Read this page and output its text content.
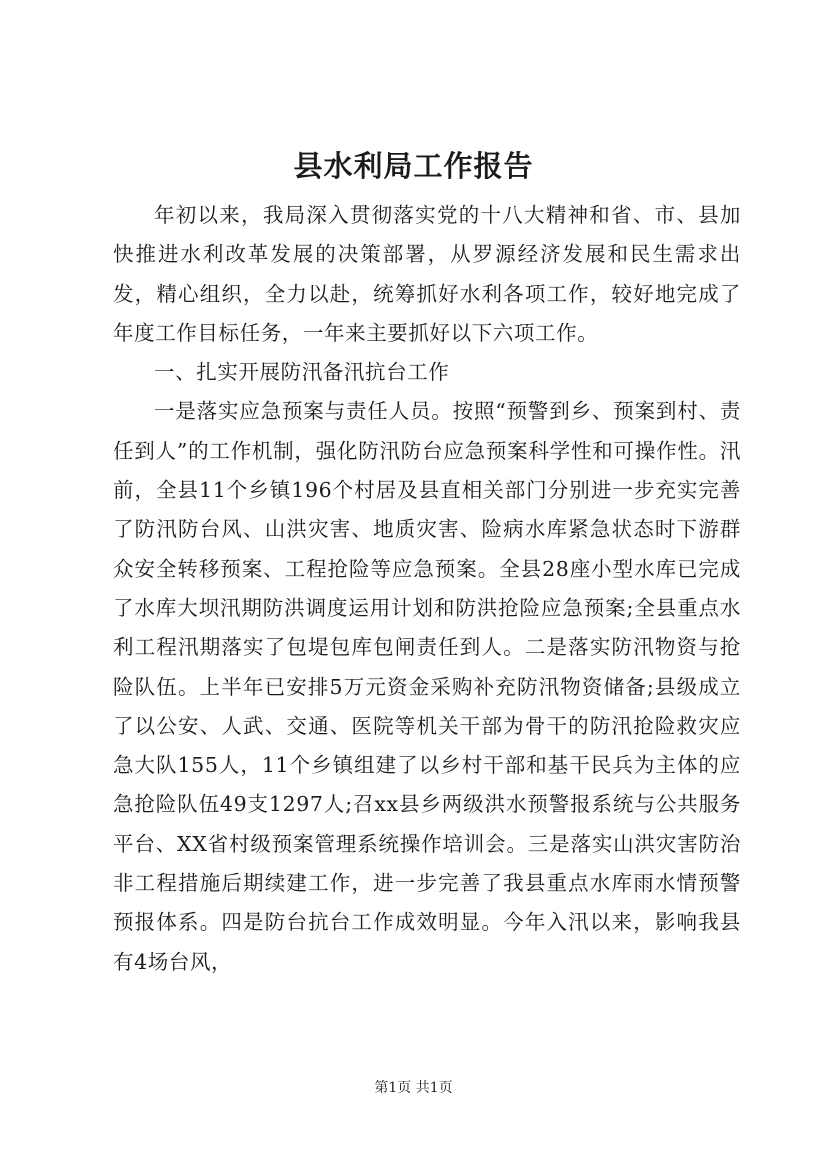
县水利局工作报告

年初以来，我局深入贯彻落实党的十八大精神和省、市、县加快推进水利改革发展的决策部署，从罗源经济发展和民生需求出发，精心组织，全力以赴，统筹抓好水利各项工作，较好地完成了年度工作目标任务，一年来主要抓好以下六项工作。

一、扎实开展防汛备汛抗台工作

一是落实应急预案与责任人员。按照“预警到乡、预案到村、责任到人”的工作机制，强化防汛防台应急预案科学性和可操作性。汛前，全县11个乡镇196个村居及县直相关部门分别进一步充实完善了防汛防台风、山洪灾害、地质灾害、险病水库紧急状态时下游群众安全转移预案、工程抢险等应急预案。全县28座小型水库已完成了水库大坝汛期防洪调度运用计划和防洪抢险应急预案;全县重点水利工程汛期落实了包堤包库包闸责任到人。二是落实防汛物资与抢险队伍。上半年已安排5万元资金采购补充防汛物资储备;县级成立了以公安、人武、交通、医院等机关干部为骨干的防汛抢险救灾应急大队155人，11个乡镇组建了以乡村干部和基干民兵为主体的应急抢险队伍49支1297人;召xx县乡两级洪水预警报系统与公共服务平台、XX省村级预案管理系统操作培训会。三是落实山洪灾害防治非工程措施后期续建工作，进一步完善了我县重点水库雨水情预警预报体系。四是防台抗台工作成效明显。今年入汛以来，影响我县有4场台风，

第1页 共1页
